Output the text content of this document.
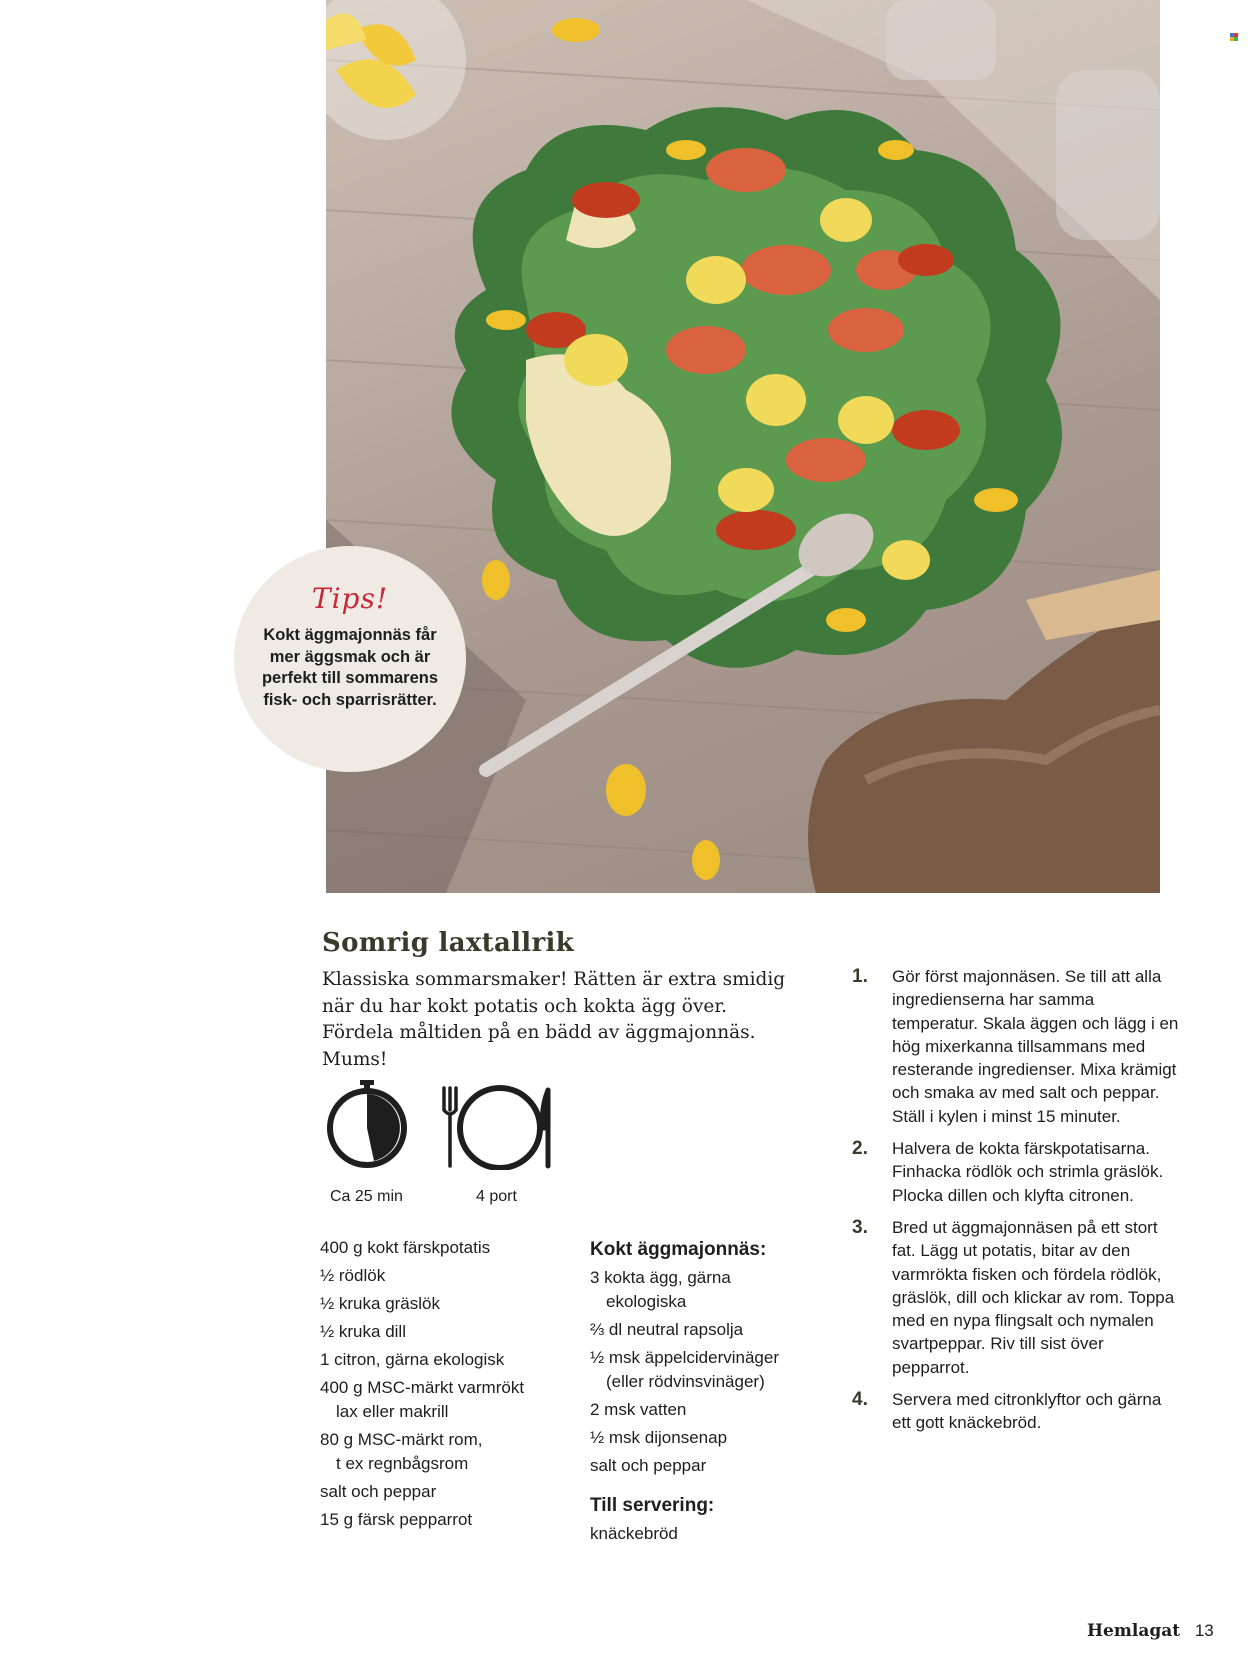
Tips!
Kokt äggmajonnäs får mer äggsmak och är perfekt till sommarens fisk- och sparrisrätter.
Somrig laxtallrik
Klassiska sommarsmaker! Rätten är extra smidig när du har kokt potatis och kokta ägg över. Fördela måltiden på en bädd av äggmajonnäs. Mums!
Ca 25 min	4 port
400 g kokt färskpotatis
½ rödlök
½ kruka gräslök
½ kruka dill
1 citron, gärna ekologisk
400 g MSC-märkt varmrökt
lax eller makrill
80 g MSC-märkt rom,
t ex regnbågsrom
salt och peppar
15 g färsk pepparrot
Kokt äggmajonnäs:
3 kokta ägg, gärna
ekologiska
⅔ dl neutral rapsolja
½ msk äppelcidervinäger
(eller rödvinsvinäger)
2 msk vatten
½ msk dijonsenap
salt och peppar
Till servering:
knäckebröd
1. Gör först majonnäsen. Se till att alla ingredienserna har samma temperatur. Skala äggen och lägg i en hög mixerkanna tillsammans med resterande ingredienser. Mixa krämigt och smaka av med salt och peppar. Ställ i kylen i minst 15 minuter.
2. Halvera de kokta färskpotatisarna. Finhacka rödlök och strimla gräslök. Plocka dillen och klyfta citronen.
3. Bred ut äggmajonnäsen på ett stort fat. Lägg ut potatis, bitar av den varmrökta fisken och fördela rödlök, gräslök, dill och klickar av rom. Toppa med en nypa flingsalt och nymalen svartpeppar. Riv till sist över pepparrot.
4. Servera med citronklyftor och gärna ett gott knäckebröd.
Hemlagat 13
